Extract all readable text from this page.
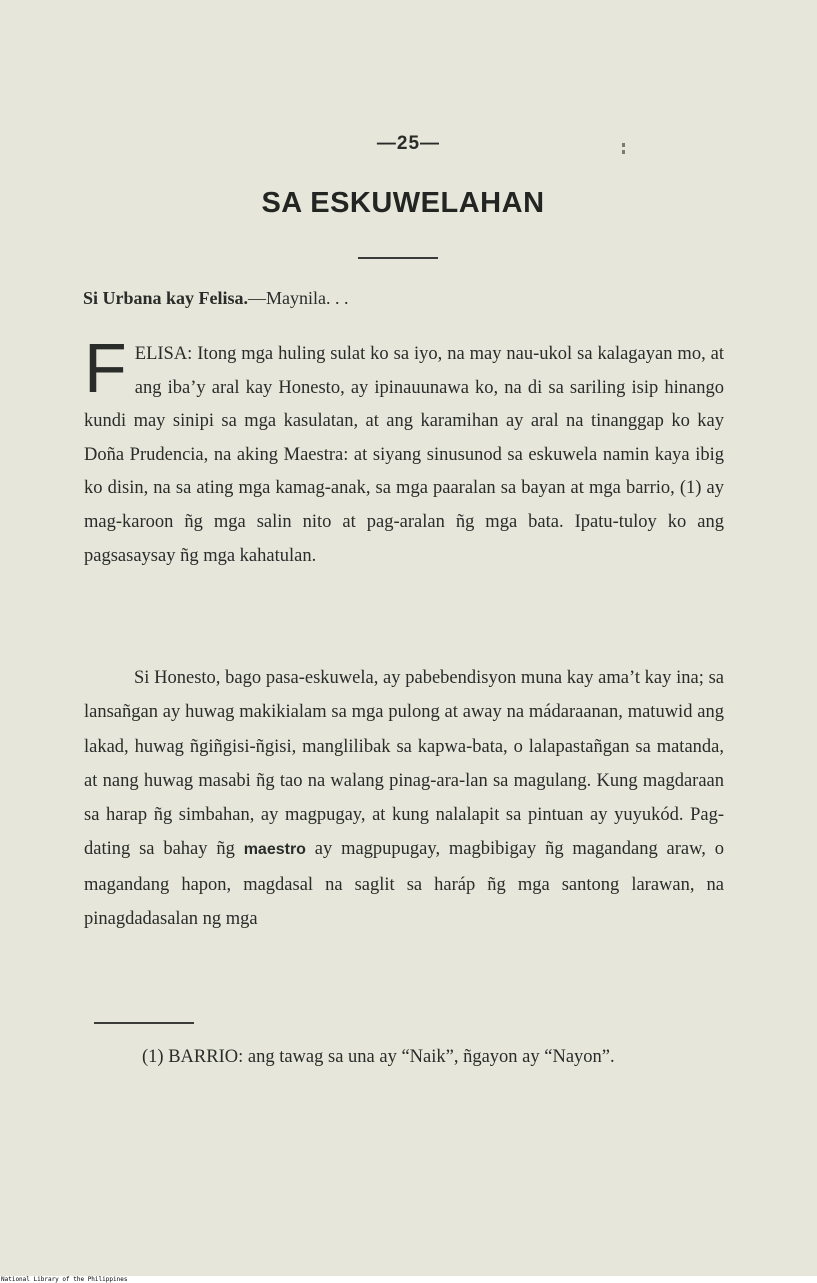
—25—
SA ESKUWELAHAN
Si Urbana kay Felisa.—Maynila. . .

FELISA: Itong mga huling sulat ko sa iyo, na may nau-ukol sa kalagayan mo, at ang iba’y aral kay Honesto, ay ipinauunawa ko, na di sa sariling isip hinango kundi may sinipi sa mga kasulatan, at ang karamihan ay aral na tinanggap ko kay Doña Prudencia, na aking Maestra: at siyang sinusunod sa eskuwela namin kaya ibig ko disin, na sa ating mga kamag-anak, sa mga paaralan sa bayan at mga barrio, (1) ay mag-karoon ñg mga salin nito at pag-aralan ñg mga bata. Ipatu-tuloy ko ang pagsasaysay ñg mga kahatulan.

Si Honesto, bago pasa-eskuwela, ay pabebendisyon muna kay ama’t kay ina; sa lansañgan ay huwag makikialam sa mga pulong at away na mádaraanan, matuwid ang lakad, huwag ñgiñgisi-ñgisi, manglilibak sa kapwa-bata, o lalapastañgan sa matanda, at nang huwag masabi ñg tao na walang pinag-ara-lan sa magulang. Kung magdaraan sa harap ñg simbahan, ay magpugay, at kung nalalapit sa pintuan ay yuyukód. Pag-dating sa bahay ñg maestro ay magpupugay, magbibigay ñg magandang araw, o magandang hapon, magdasal na saglit sa haráp ñg mga santong larawan, na pinagdadasalan ng mga

(1) BARRIO: ang tawag sa una ay “Naik”, ñgayon ay “Nayon”.

National Library of the Philippines
